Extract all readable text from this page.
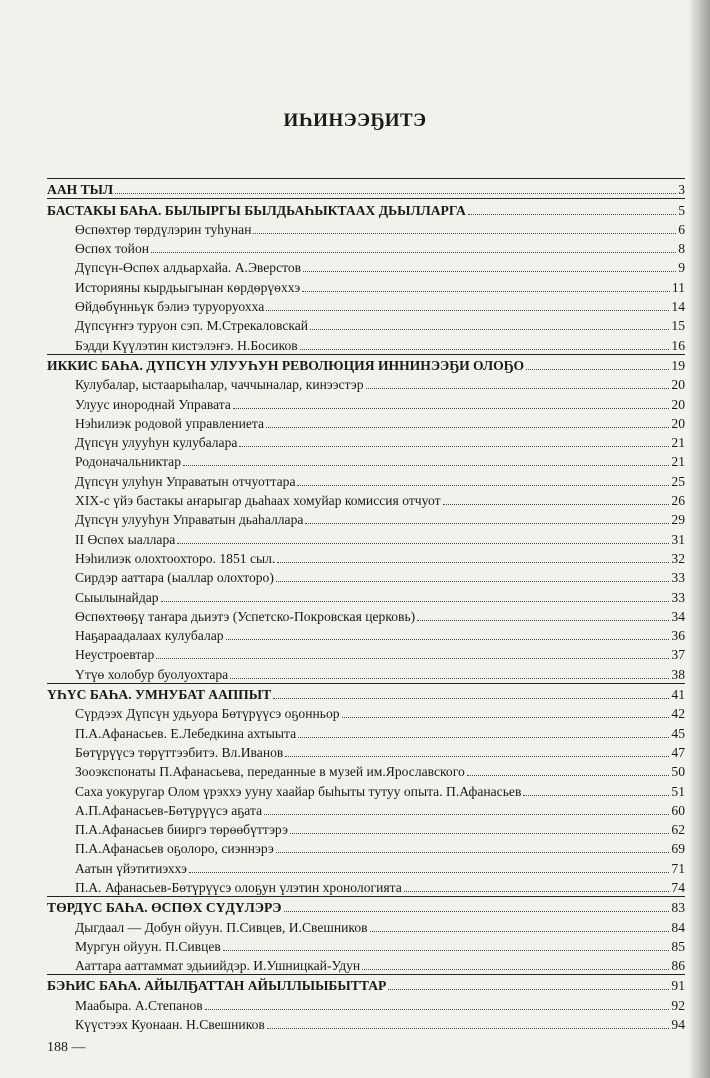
ИҺИНЭЭҔИТЭ
ААН ТЫЛ	3
БАСТАКЫ БАҺА. БЫЛЫРГЫ БЫЛДЬАҺЫКТААХ ДЬЫЛЛАРГА	5
Өспөхтөр төрдүлэрин туһунан	6
Өспөх тойон	8
Дүпсүн-Өспөх алдьархайа. А.Эверстов	9
Историяны кырдьыгынан көрдөрүөххэ	11
Өйдөбүнньүк бэлиэ туруоруохха	14
Дүпсүҥҥэ туруон сэп. М.Стрекаловскай	15
Бэдди Күүлэтин кистэлэҥэ. Н.Босиков	16
ИККИС БАҺА. ДҮПСҮН УЛУУҺУН РЕВОЛЮЦИЯ ИННИНЭЭҔИ ОЛОҔО	19
Кулубалар, ыстаарыһалар, чаччыналар, кинээстэр	20
Улуус инороднай Управата	20
Нэһилиэк родовой управлениета	20
Дүпсүн улууһун кулубалара	21
Родоначальниктар	21
Дүпсүн улуһун Управатын отчуоттара	25
XIX-с үйэ бастакы аҥарыгар дьаһаах хомуйар комиссия отчуот	26
Дүпсүн улууһун Управатын дьаһаллара	29
II Өспөх ыаллара	31
Нэһилиэк олохтоохторо. 1851 сыл.	32
Сирдэр ааттара (ыаллар олохторо)	33
Сыылынайдар	33
Өспөхтөөҕү таҥара дьиэтэ (Успетско-Покровская церковь)	34
Наҕараадалаах кулубалар	36
Неустроевтар	37
Үтүө холобур буолуохтара	38
ҮҺҮС БАҺА. УМНУБАТ ААППЫТ	41
Сүрдээх Дүпсүн удьуора Бөтүрүүсэ оҕонньор	42
П.А.Афанасьев. Е.Лебедкина ахтыыта	45
Бөтүрүүсэ төрүттээбитэ. Вл.Иванов	47
Зооэкспонаты П.Афанасьева, переданные в музей им.Ярославского	50
Саха уокуругар Олом үрэххэ ууну хаайар быһыты тутуу опыта. П.Афанасьев	51
А.П.Афанасьев-Бөтүрүүсэ аҕата	60
П.А.Афанасьев бииргэ төрөөбүттэрэ	62
П.А.Афанасьев оҕолоро, сиэннэрэ	69
Аатын үйэтитиэххэ	71
П.А. Афанасьев-Бөтүрүүсэ олоҕун үлэтин хронологията	74
ТӨРДҮС БАҺА. ӨСПӨХ СҮДҮЛЭРЭ	83
Дыгдаал — Добун ойуун. П.Сивцев, И.Свешников	84
Мургун ойуун. П.Сивцев	85
Ааттара ааттаммат эдьиийдэр. И.Ушницкай-Удун	86
БЭҺИС БАҺА. АЙЫЛҔАТТАН АЙЫЛЛЫЫБЫТТАР	91
Маабыра. А.Степанов	92
Күүстээх Куонаан. Н.Свешников	94
188 —
